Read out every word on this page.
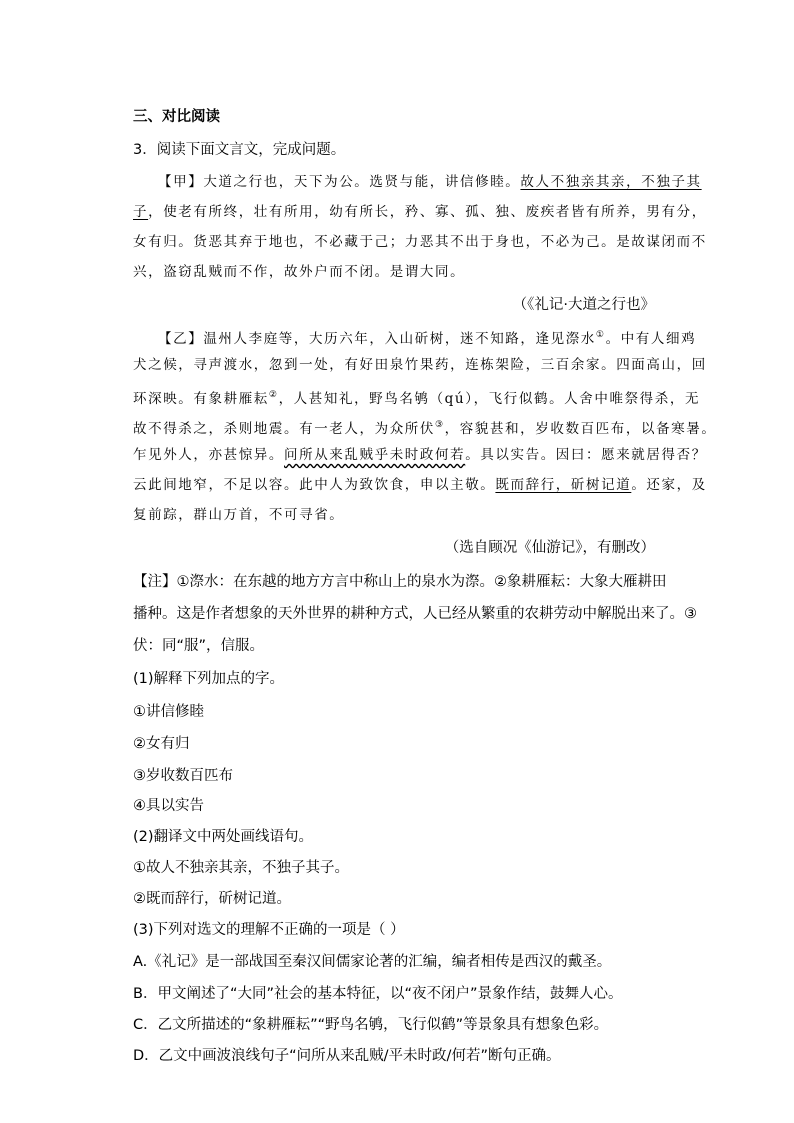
三、对比阅读
3．阅读下面文言文，完成问题。
【甲】大道之行也，天下为公。选贤与能，讲信修睦。故人不独亲其亲，不独子其
子，使老有所终，壮有所用，幼有所长，矜、寡、孤、独、废疾者皆有所养，男有分，
女有归。货恶其弃于地也，不必藏于己；力恶其不出于身也，不必为己。是故谋闭而不
兴，盗窃乱贼而不作，故外户而不闭。是谓大同。
（《礼记·大道之行也》
【乙】温州人李庭等，大历六年，入山斫树，迷不知路，逢见漈水①。中有人细鸡
犬之候，寻声渡水，忽到一处，有好田泉竹果药，连栋架险，三百余家。四面高山，回
环深映。有象耕雁耘②，人甚知礼，野鸟名鸲（qú），飞行似鹤。人舍中唯祭得杀，无
故不得杀之，杀则地震。有一老人，为众所伏③，容貌甚和，岁收数百匹布，以备寒暑。
乍见外人，亦甚惊异。问所从来乱贼乎未时政何若。具以实告。因曰：愿来就居得否？
云此间地窄，不足以容。此中人为致饮食，申以主敬。既而辞行，斫树记道。还家，及
复前踪，群山万首，不可寻省。
（选自顾况《仙游记》，有删改）
【注】①漈水：在东越的地方方言中称山上的泉水为漈。②象耕雁耘：大象大雁耕田
播种。这是作者想象的天外世界的耕种方式，人已经从繁重的农耕劳动中解脱出来了。③
伏：同“服”，信服。
(1)解释下列加点的字。
①讲信修睦
②女有归
③岁收数百匹布
④具以实告
(2)翻译文中两处画线语句。
①故人不独亲其亲，不独子其子。
②既而辞行，斫树记道。
(3)下列对选文的理解不正确的一项是（ ）
A.《礼记》是一部战国至秦汉间儒家论著的汇编，编者相传是西汉的戴圣。
B．甲文阐述了“大同”社会的基本特征，以“夜不闭户”景象作结，鼓舞人心。
C．乙文所描述的“象耕雁耘”“野鸟名鸲，飞行似鹤”等景象具有想象色彩。
D．乙文中画波浪线句子“问所从来乱贼/平未时政/何若”断句正确。
